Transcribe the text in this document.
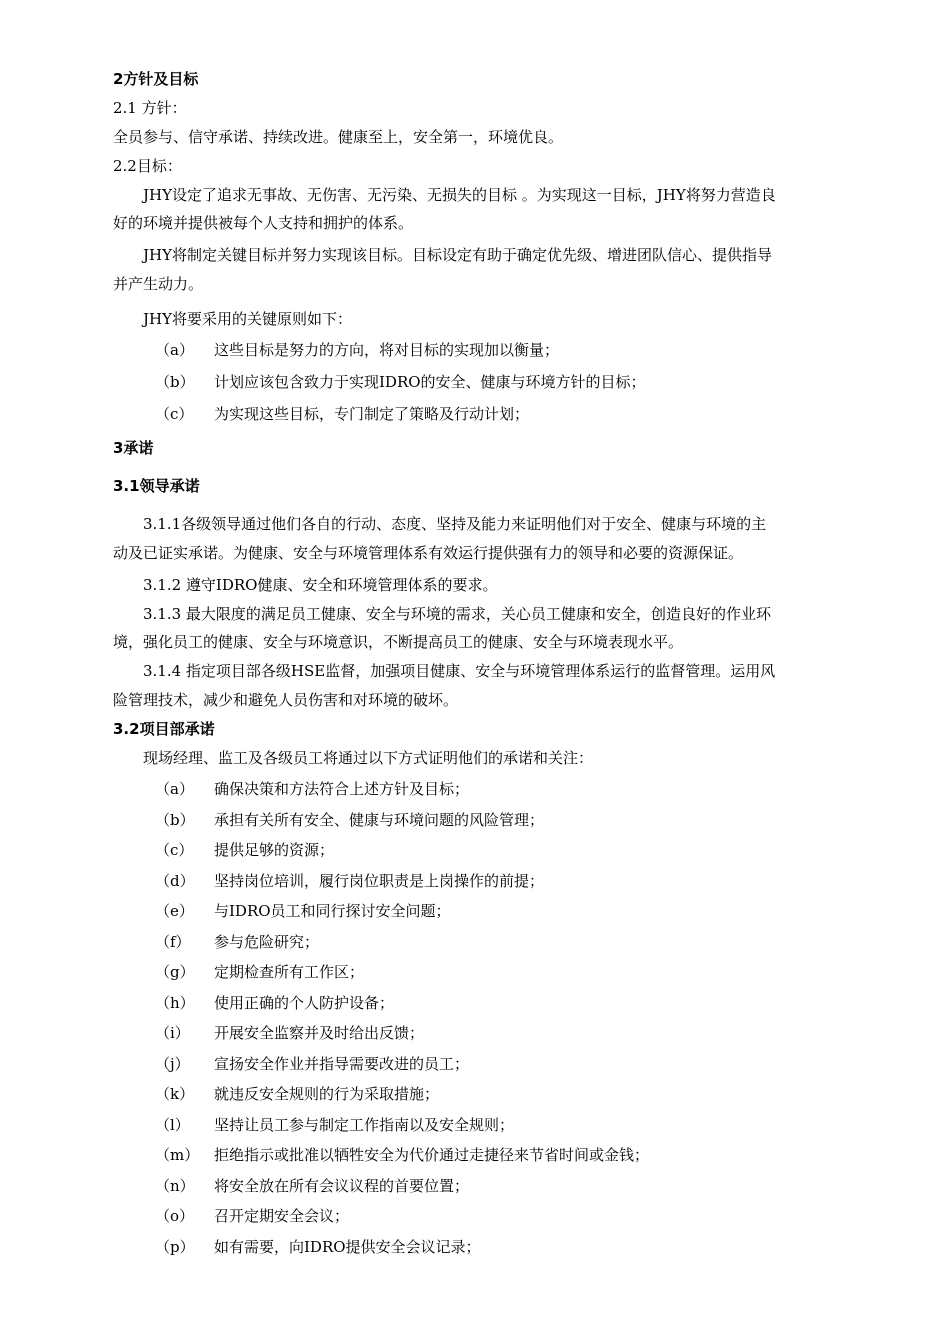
2方针及目标
2.1 方针：
全员参与、信守承诺、持续改进。健康至上，安全第一，环境优良。
2.2目标：
JHY设定了追求无事故、无伤害、无污染、无损失的目标 。为实现这一目标，JHY将努力营造良
好的环境并提供被每个人支持和拥护的体系。
JHY将制定关键目标并努力实现该目标。目标设定有助于确定优先级、增进团队信心、提供指导
并产生动力。
JHY将要采用的关键原则如下：
（a） 这些目标是努力的方向，将对目标的实现加以衡量；
（b） 计划应该包含致力于实现IDRO的安全、健康与环境方针的目标；
（c） 为实现这些目标，专门制定了策略及行动计划；
3承诺
3.1领导承诺
3.1.1各级领导通过他们各自的行动、态度、坚持及能力来证明他们对于安全、健康与环境的主
动及已证实承诺。为健康、安全与环境管理体系有效运行提供强有力的领导和必要的资源保证。
3.1.2 遵守IDRO健康、安全和环境管理体系的要求。
3.1.3 最大限度的满足员工健康、安全与环境的需求，关心员工健康和安全，创造良好的作业环
境，强化员工的健康、安全与环境意识，不断提高员工的健康、安全与环境表现水平。
3.1.4 指定项目部各级HSE监督，加强项目健康、安全与环境管理体系运行的监督管理。运用风
险管理技术，减少和避免人员伤害和对环境的破坏。
3.2项目部承诺
现场经理、监工及各级员工将通过以下方式证明他们的承诺和关注：
（a） 确保决策和方法符合上述方针及目标；
（b） 承担有关所有安全、健康与环境问题的风险管理；
（c） 提供足够的资源；
（d） 坚持岗位培训，履行岗位职责是上岗操作的前提；
（e） 与IDRO员工和同行探讨安全问题；
（f） 参与危险研究；
（g） 定期检查所有工作区；
（h） 使用正确的个人防护设备；
（i） 开展安全监察并及时给出反馈；
（j） 宣扬安全作业并指导需要改进的员工；
（k） 就违反安全规则的行为采取措施；
（l） 坚持让员工参与制定工作指南以及安全规则；
（m） 拒绝指示或批准以牺牲安全为代价通过走捷径来节省时间或金钱；
（n） 将安全放在所有会议议程的首要位置；
（o） 召开定期安全会议；
（p） 如有需要，向IDRO提供安全会议记录；
